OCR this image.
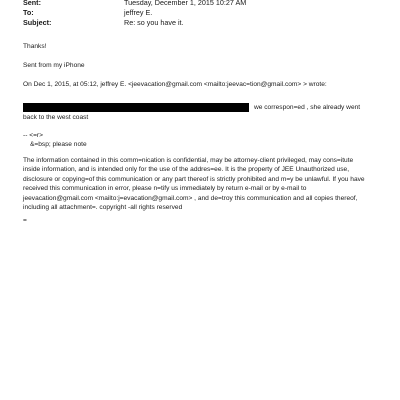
Sent:	Tuesday, December 1, 2015 10:27 AM
To:	jeffrey E.
Subject:	Re: so you have it.
Thanks!
Sent from my iPhone
On Dec 1, 2015, at 05:12, jeffrey E. <jeevacation@gmail.com <mailto:jeevac=tion@gmail.com> > wrote:
we correspon=ed , she already went
back to the west coast
-- <=r>
&=bsp; please note
The information contained in this comm=nication is confidential, may be attorney-client privileged, may cons=itute
inside information, and is intended only for the use of the addres=ee. It is the property of JEE Unauthorized use,
disclosure or copying=of this communication or any part thereof is strictly prohibited and m=y be unlawful. If you have
received this communication in error, please n=tify us immediately by return e-mail or by e-mail to
jeevacation@gmail.com <mailto:j=evacation@gmail.com> , and de=troy this communication and all copies thereof,
including all attachment=. copyright -all rights reserved
=
